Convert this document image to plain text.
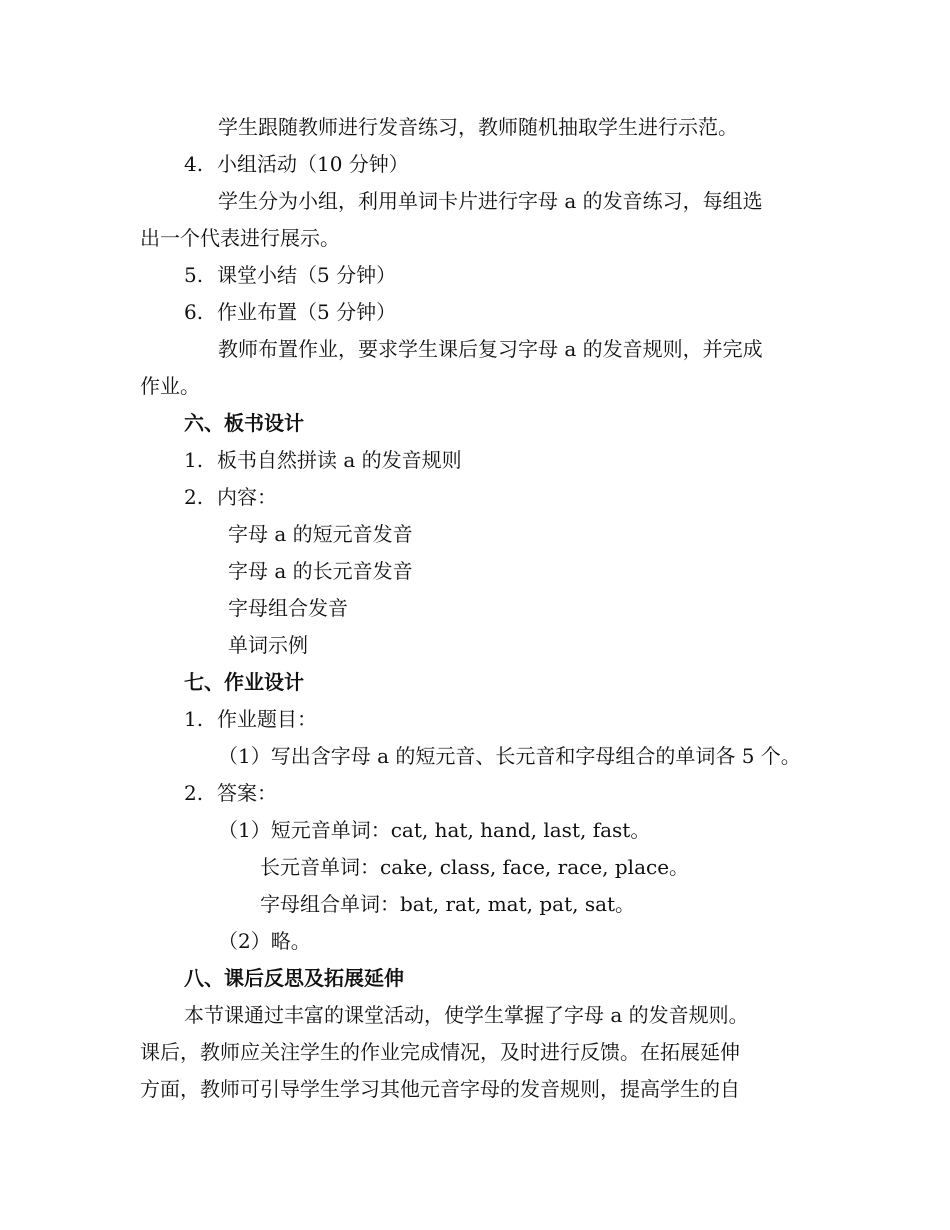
学生跟随教师进行发音练习，教师随机抽取学生进行示范。
4. 小组活动（10 分钟）
学生分为小组，利用单词卡片进行字母 a 的发音练习，每组选
出一个代表进行展示。
5. 课堂小结（5 分钟）
6. 作业布置（5 分钟）
教师布置作业，要求学生课后复习字母 a 的发音规则，并完成
作业。
六、板书设计
1. 板书自然拼读 a 的发音规则
2. 内容：
字母 a 的短元音发音
字母 a 的长元音发音
字母组合发音
单词示例
七、作业设计
1. 作业题目：
（1）写出含字母 a 的短元音、长元音和字母组合的单词各 5 个。
2. 答案：
（1）短元音单词：cat, hat, hand, last, fast。
长元音单词：cake, class, face, race, place。
字母组合单词：bat, rat, mat, pat, sat。
（2）略。
八、课后反思及拓展延伸
本节课通过丰富的课堂活动，使学生掌握了字母 a 的发音规则。
课后，教师应关注学生的作业完成情况，及时进行反馈。在拓展延伸
方面，教师可引导学生学习其他元音字母的发音规则，提高学生的自
